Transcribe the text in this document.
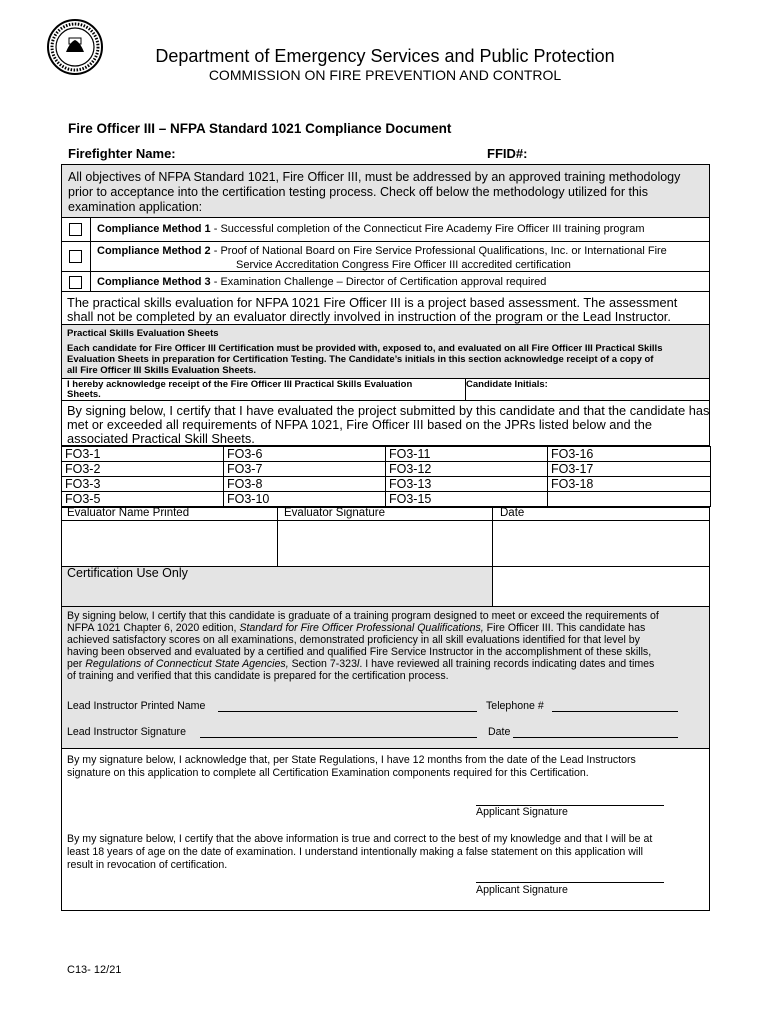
Department of Emergency Services and Public Protection
COMMISSION ON FIRE PREVENTION AND CONTROL
Fire Officer III – NFPA Standard 1021 Compliance Document
Firefighter Name:	FFID#:
All objectives of NFPA Standard 1021, Fire Officer III, must be addressed by an approved training methodology
prior to acceptance into the certification testing process. Check off below the methodology utilized for this
examination application:
Compliance Method 1 - Successful completion of the Connecticut Fire Academy Fire Officer III training program
Compliance Method 2 - Proof of National Board on Fire Service Professional Qualifications, Inc. or International Fire
Service Accreditation Congress Fire Officer III accredited certification
Compliance Method 3 - Examination Challenge – Director of Certification approval required
The practical skills evaluation for NFPA 1021 Fire Officer III is a project based assessment. The assessment
shall not be completed by an evaluator directly involved in instruction of the program or the Lead Instructor.
Practical Skills Evaluation Sheets
Each candidate for Fire Officer III Certification must be provided with, exposed to, and evaluated on all Fire Officer III Practical Skills
Evaluation Sheets in preparation for Certification Testing. The Candidate’s initials in this section acknowledge receipt of a copy of
all Fire Officer III Skills Evaluation Sheets.
I hereby acknowledge receipt of the Fire Officer III Practical Skills Evaluation
Sheets.
Candidate Initials:
By signing below, I certify that I have evaluated the project submitted by this candidate and that the candidate has
met or exceeded all requirements of NFPA 1021, Fire Officer III based on the JPRs listed below and the
associated Practical Skill Sheets.
FO3-1	FO3-6	FO3-11	FO3-16
FO3-2	FO3-7	FO3-12	FO3-17
FO3-3	FO3-8	FO3-13	FO3-18
FO3-5	FO3-10	FO3-15	
Evaluator Name Printed	Evaluator Signature	Date
Certification Use Only
By signing below, I certify that this candidate is graduate of a training program designed to meet or exceed the requirements of
NFPA 1021 Chapter 6, 2020 edition, Standard for Fire Officer Professional Qualifications, Fire Officer III. This candidate has
achieved satisfactory scores on all examinations, demonstrated proficiency in all skill evaluations identified for that level by
having been observed and evaluated by a certified and qualified Fire Service Instructor in the accomplishment of these skills,
per Regulations of Connecticut State Agencies, Section 7-323l. I have reviewed all training records indicating dates and times
of training and verified that this candidate is prepared for the certification process.
Lead Instructor Printed Name	Telephone #
Lead Instructor Signature	Date
By my signature below, I acknowledge that, per State Regulations, I have 12 months from the date of the Lead Instructors
signature on this application to complete all Certification Examination components required for this Certification.
Applicant Signature
By my signature below, I certify that the above information is true and correct to the best of my knowledge and that I will be at
least 18 years of age on the date of examination. I understand intentionally making a false statement on this application will
result in revocation of certification.
Applicant Signature
C13- 12/21
